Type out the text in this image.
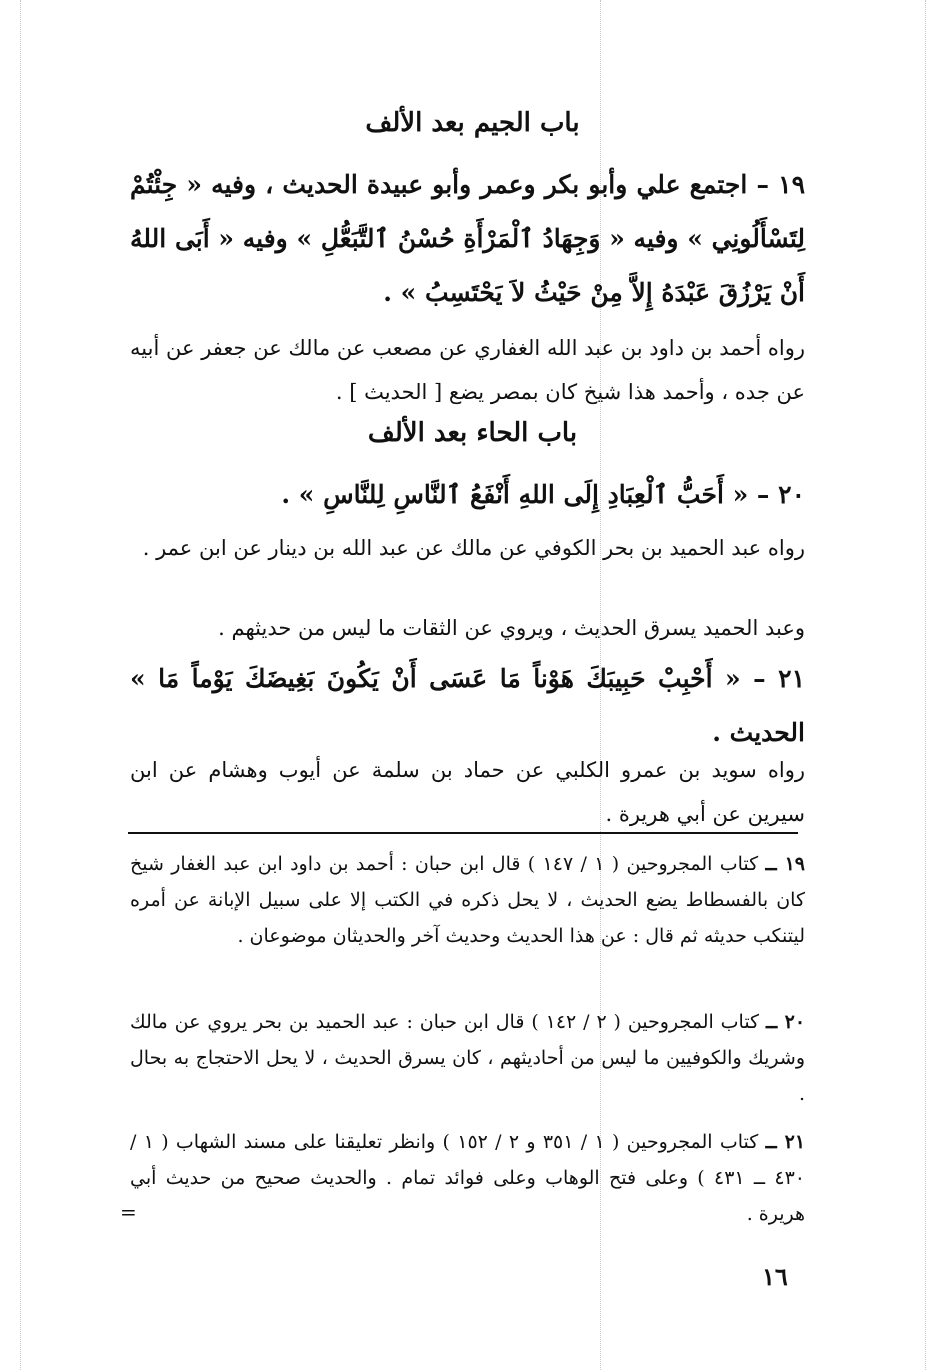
باب الجيم بعد الألف
١٩ – اجتمع علي وأبو بكر وعمر وأبو عبيدة الحديث ، وفيه « جِئْتُمْ لِتَسْأَلُونِي » وفيه « وَجِهَادُ ٱلْمَرْأَةِ حُسْنُ ٱلتَّبَعُّلِ » وفيه « أَبَى اللهُ أَنْ يَرْزُقَ عَبْدَهُ إِلاَّ مِنْ حَيْثُ لاَ يَحْتَسِبُ » .
رواه أحمد بن داود بن عبد الله الغفاري عن مصعب عن مالك عن جعفر عن أبيه عن جده ، وأحمد هذا شيخ كان بمصر يضع [ الحديث ] .
باب الحاء بعد الألف
٢٠ – « أَحَبُّ ٱلْعِبَادِ إِلَى اللهِ أَنْفَعُ ٱلنَّاسِ لِلنَّاسِ » .
رواه عبد الحميد بن بحر الكوفي عن مالك عن عبد الله بن دينار عن ابن عمر .
وعبد الحميد يسرق الحديث ، ويروي عن الثقات ما ليس من حديثهم .
٢١ – « أَحْبِبْ حَبِيبَكَ هَوْناً مَا عَسَى أَنْ يَكُونَ بَغِيضَكَ يَوْماً مَا » الحديث .
رواه سويد بن عمرو الكلبي عن حماد بن سلمة عن أيوب وهشام عن ابن سيرين عن أبي هريرة .
١٩ ــ كتاب المجروحين ( ١ / ١٤٧ ) قال ابن حبان : أحمد بن داود ابن عبد الغفار شيخ كان بالفسطاط يضع الحديث ، لا يحل ذكره في الكتب إلا على سبيل الإبانة عن أمره ليتنكب حديثه ثم قال : عن هذا الحديث وحديث آخر والحديثان موضوعان .
٢٠ ــ كتاب المجروحين ( ٢ / ١٤٢ ) قال ابن حبان : عبد الحميد بن بحر يروي عن مالك وشريك والكوفيين ما ليس من أحاديثهم ، كان يسرق الحديث ، لا يحل الاحتجاج به بحال .
٢١ ــ كتاب المجروحين ( ١ / ٣٥١ و ٢ / ١٥٢ ) وانظر تعليقنا على مسند الشهاب ( ١ / ٤٣٠ ــ ٤٣١ ) وعلى فتح الوهاب وعلى فوائد تمام . والحديث صحيح من حديث أبي هريرة .
=
١٦
